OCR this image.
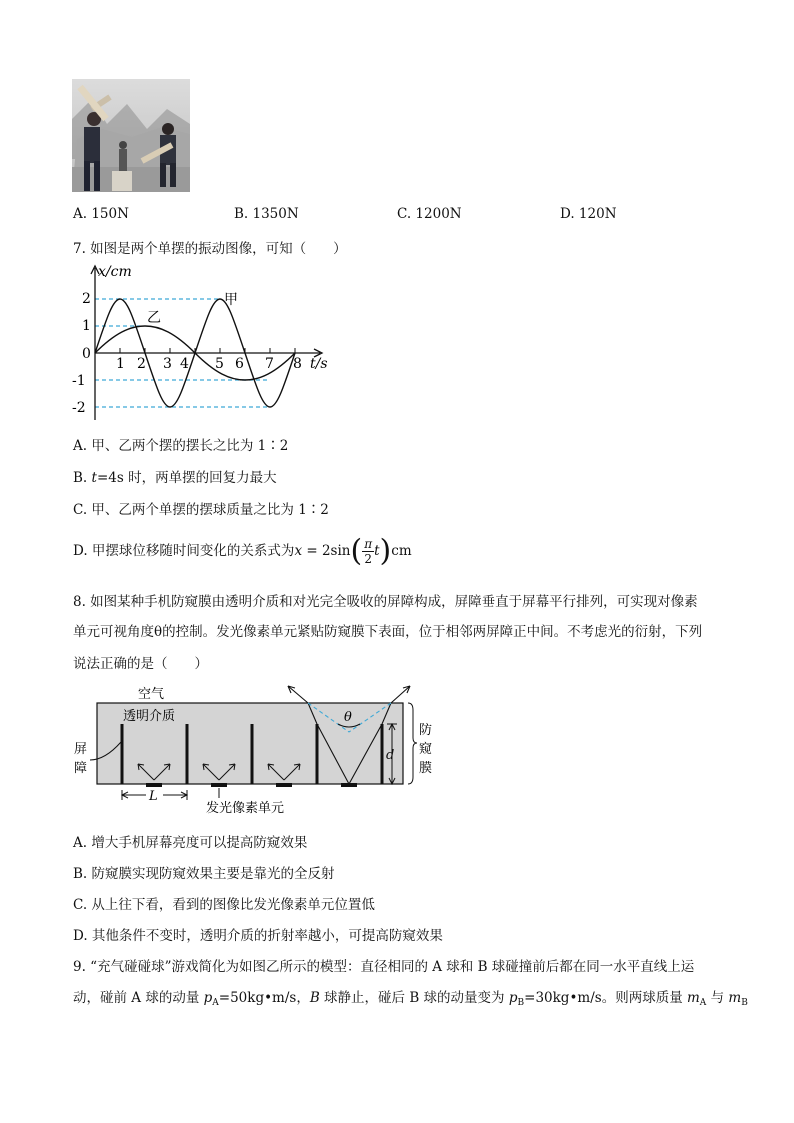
A. 150N	B. 1350N	C. 1200N	D. 120N
7. 如图是两个单摆的振动图像，可知（　　）
x/cm
t/s
2
1
0
-1
-2
1 2 3 4 5 6 7 8
甲
乙
A. 甲、乙两个摆的摆长之比为 1∶2
B. t=4s 时，两单摆的回复力最大
C. 甲、乙两个单摆的摆球质量之比为 1∶2
D. 甲摆球位移随时间变化的关系式为$x = 2\sin( \frac{\pi}{2} t)cm$
8. 如图某种手机防窥膜由透明介质和对光完全吸收的屏障构成，屏障垂直于屏幕平行排列，可实现对像素
单元可视角度θ的控制。发光像素单元紧贴防窥膜下表面，位于相邻两屏障正中间。不考虑光的衍射，下列
说法正确的是（　　）
θ
d
防
窥
膜
空气
透明介质
屏
障
L
发光像素单元
A. 增大手机屏幕亮度可以提高防窥效果
B. 防窥膜实现防窥效果主要是靠光的全反射
C. 从上往下看，看到的图像比发光像素单元位置低
D. 其他条件不变时，透明介质的折射率越小，可提高防窥效果
9. “充气碰碰球”游戏简化为如图乙所示的模型：直径相同的 A 球和 B 球碰撞前后都在同一水平直线上运
动，碰前 A 球的动量 $p_A=50kg•m/s$，B 球静止，碰后 B 球的动量变为 $p_B=30kg•m/s$。则两球质量 $m_A$ 与 $m_B$
